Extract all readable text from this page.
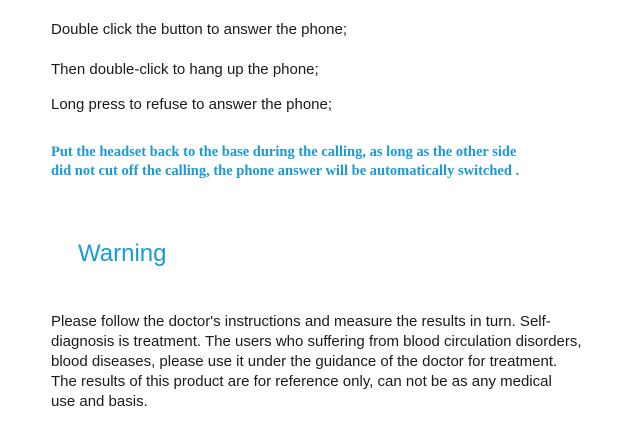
Double click the button to answer the phone;

Then double-click to hang up the phone;

Long press to refuse to answer the phone;

Put the headset back to the base during the calling, as long as the other side
did not cut off the calling, the phone answer will be automatically switched .
Warning
Please follow the doctor's instructions and measure the results in turn. Self-
diagnosis is treatment. The users who suffering from blood circulation disorders,
blood diseases, please use it under the guidance of the doctor for treatment.
The results of this product are for reference only, can not be as any medical
use and basis.
